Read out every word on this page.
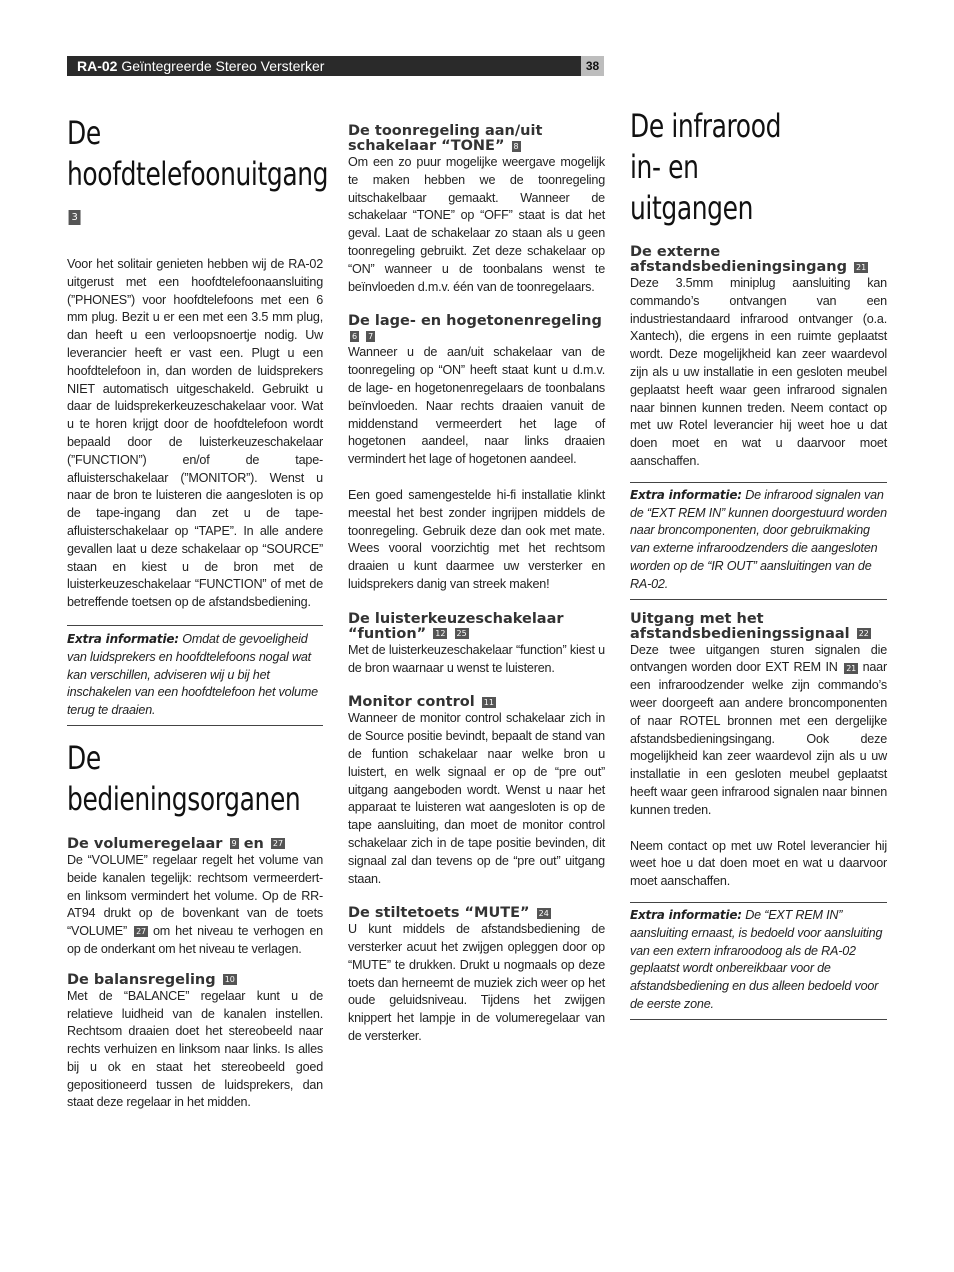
RA-02 Geïntegreerde Stereo Versterker	38
De hoofdtelefoonuitgang3

Voor het solitair genieten hebben wij de RA-02 uitgerust met een hoofdtelefoonaansluiting (”PHONES”) voor hoofdtelefoons met een 6 mm plug. Bezit u er een met een 3.5 mm plug, dan heeft u een verloopsnoertje nodig. Uw leverancier heeft er vast een. Plugt u een hoofdtelefoon in, dan worden de luidsprekers NIET automatisch uitgeschakeld. Gebruikt u daar de luidsprekerkeuzeschakelaar voor. Wat u te horen krijgt door de hoofdtelefoon wordt bepaald door de luisterkeuzeschakelaar (”FUNCTION”) en/of de tape-afluisterschakelaar (”MONITOR”). Wenst u naar de bron te luisteren die aangesloten is op de tape-ingang dan zet u de tape-afluisterschakelaar op “TAPE”. In alle andere gevallen laat u deze schakelaar op “SOURCE” staan en kiest u de bron met de luisterkeuzeschakelaar “FUNCTION” of met de betreffende toetsen op de afstandsbediening.

Extra informatie: Omdat de gevoeligheid van luidsprekers en hoofdtelefoons nogal wat kan verschillen, adviseren wij u bij het inschakelen van een hoofdtelefoon het volume terug te draaien.
De bedieningsorganen
De volumeregelaar 9 en 27

De “VOLUME” regelaar regelt het volume van beide kanalen tegelijk: rechtsom vermeerdert- en linksom vermindert het volume. Op de RR-AT94 drukt op de bovenkant van de toets “VOLUME” 27 om het niveau te verhogen en op de onderkant om het niveau te verlagen.

De balansregeling 10

Met de “BALANCE” regelaar kunt u de relatieve luidheid van de kanalen instellen. Rechtsom draaien doet het stereobeeld naar rechts verhuizen en linksom naar links. Is alles bij u ok en staat het stereobeeld goed gepositioneerd tussen de luidsprekers, dan staat deze regelaar in het midden.

De toonregeling aan/uit schakelaar “TONE” 8

Om een zo puur mogelijke weergave mogelijk te maken hebben we de toonregeling uitschakelbaar gemaakt. Wanneer de schakelaar “TONE” op “OFF” staat is dat het geval. Laat de schakelaar zo staan als u geen toonregeling gebruikt. Zet deze schakelaar op “ON” wanneer u de toonbalans wenst te beïnvloeden d.m.v. één van de toonregelaars.

De lage- en hogetonenregeling 6 7

Wanneer u de aan/uit schakelaar van de toonregeling op “ON” heeft staat kunt u d.m.v. de lage- en hogetonenregelaars de toonbalans beïnvloeden. Naar rechts draaien vanuit de middenstand vermeerdert het lage of hogetonen aandeel, naar links draaien vermindert het lage of hogetonen aandeel.

Een goed samengestelde hi-fi installatie klinkt meestal het best zonder ingrijpen middels de toonregeling. Gebruik deze dan ook met mate. Wees vooral voorzichtig met het rechtsom draaien u kunt daarmee uw versterker en luidsprekers danig van streek maken!

De luisterkeuzeschakelaar “funtion” 12 25

Met de luisterkeuzeschakelaar “function” kiest u de bron waarnaar u wenst te luisteren.

Monitor control 11

Wanneer de monitor control schakelaar zich in de Source positie bevindt, bepaalt de stand van de funtion schakelaar naar welke bron u luistert, en welk signaal er op de “pre out” uitgang aangeboden wordt. Wenst u naar het apparaat te luisteren wat aangesloten is op de tape aansluiting, dan moet de monitor control schakelaar zich in de tape positie bevinden, dit signaal zal dan tevens op de “pre out” uitgang staan.

De stiltetoets “MUTE” 24

U kunt middels de afstandsbediening de versterker acuut het zwijgen opleggen door op “MUTE” te drukken. Drukt u nogmaals op deze toets dan herneemt de muziek zich weer op het oude geluidsniveau. Tijdens het zwijgen knippert het lampje in de volumeregelaar van de versterker.

De infrarood in- en uitgangen
De externe afstandsbedieningsingang 21

Deze 3.5mm miniplug aansluiting kan commando’s ontvangen van een industriestandaard infrarood ontvanger (o.a. Xantech), die ergens in een ruimte geplaatst wordt. Deze mogelijkheid kan zeer waardevol zijn als u uw installatie in een gesloten meubel geplaatst heeft waar geen infrarood signalen naar binnen kunnen treden. Neem contact op met uw Rotel leverancier hij weet hoe u dat doen moet en wat u daarvoor moet aanschaffen.

Extra informatie: De infrarood signalen van de “EXT REM IN” kunnen doorgestuurd worden naar broncomponenten, door gebruikmaking van externe infraroodzenders die aangesloten worden op de “IR OUT” aansluitingen van de RA-02.
Uitgang met het afstandsbedieningssignaal 22

Deze twee uitgangen sturen signalen die ontvangen worden door EXT REM IN 21 naar een infraroodzender welke zijn commando’s weer doorgeeft aan andere broncomponenten of naar ROTEL bronnen met een dergelijke afstandsbedieningsingang. Ook deze mogelijkheid kan zeer waardevol zijn als u uw installatie in een gesloten meubel geplaatst heeft waar geen infrarood signalen naar binnen kunnen treden.

Neem contact op met uw Rotel leverancier hij weet hoe u dat doen moet en wat u daarvoor moet aanschaffen.

Extra informatie: De “EXT REM IN” aansluiting ernaast, is bedoeld voor aansluiting van een extern infraroodoog als de RA-02 geplaatst wordt onbereikbaar voor de afstandsbediening en dus alleen bedoeld voor de eerste zone.
